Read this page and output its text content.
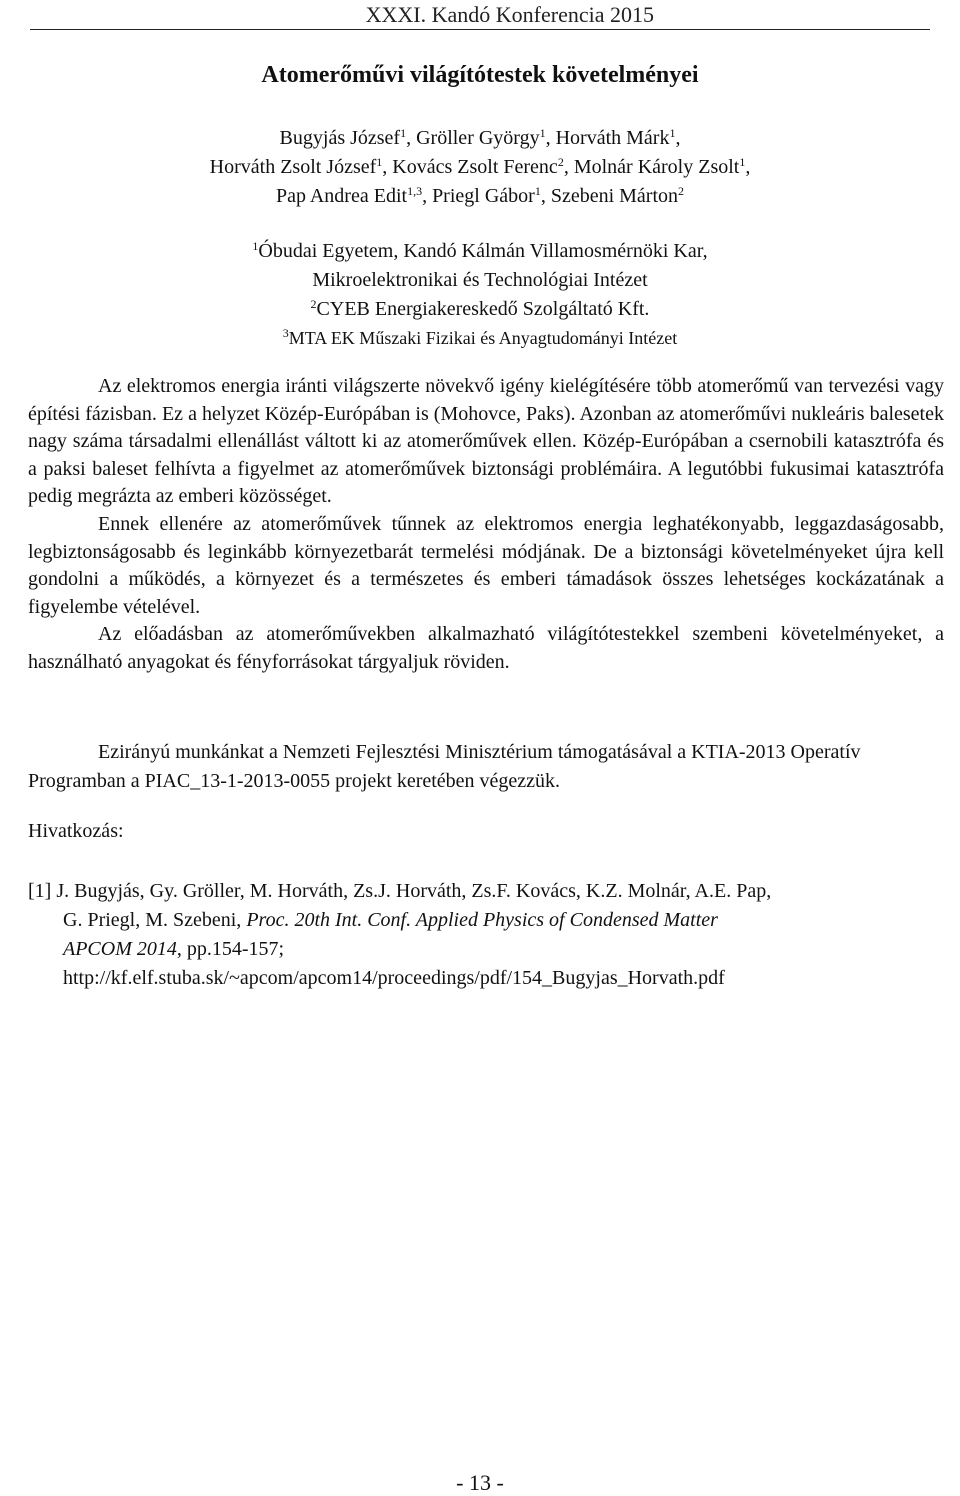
XXXI. Kandó Konferencia 2015
Atomerőművi világítótestek követelményei
Bugyjás József$^1$, Gröller György$^1$, Horváth Márk$^1$,
Horváth Zsolt József$^1$, Kovács Zsolt Ferenc$^2$, Molnár Károly Zsolt$^1$,
Pap Andrea Edit$^{1,3}$, Priegl Gábor$^1$, Szebeni Márton$^2$
$^1$Óbudai Egyetem, Kandó Kálmán Villamosmérnöki Kar,
Mikroelektronikai és Technológiai Intézet
$^2$CYEB Energiakereskedő Szolgáltató Kft.
$^3$MTA EK Műszaki Fizikai és Anyagtudományi Intézet

Az elektromos energia iránti világszerte növekvő igény kielégítésére több atomerőmű van tervezési vagy építési fázisban. Ez a helyzet Közép-Európában is (Mohovce, Paks). Azonban az atomerőművi nukleáris balesetek nagy száma társadalmi ellenállást váltott ki az atomerőművek ellen. Közép-Európában a csernobili katasztrófa és a paksi baleset felhívta a figyelmet az atomerőművek biztonsági problémáira. A legutóbbi fukusimai katasztrófa pedig megrázta az emberi közösséget.

Ennek ellenére az atomerőművek tűnnek az elektromos energia leghatékonyabb, leggazdaságosabb, legbiztonságosabb és leginkább környezetbarát termelési módjának. De a biztonsági követelményeket újra kell gondolni a működés, a környezet és a természetes és emberi támadások összes lehetséges kockázatának a figyelembe vételével.

Az előadásban az atomerőművekben alkalmazható világítótestekkel szembeni követelményeket, a használható anyagokat és fényforrásokat tárgyaljuk röviden.

Ezirányú munkánkat a Nemzeti Fejlesztési Minisztérium támogatásával a KTIA-2013 Operatív Programban a PIAC_13-1-2013-0055 projekt keretében végezzük.

Hivatkozás:
[1] J. Bugyjás, Gy. Gröller, M. Horváth, Zs.J. Horváth, Zs.F. Kovács, K.Z. Molnár, A.E. Pap,
G. Priegl, M. Szebeni, Proc. 20th Int. Conf. Applied Physics of Condensed Matter
APCOM 2014, pp.154-157;
http://kf.elf.stuba.sk/~apcom/apcom14/proceedings/pdf/154_Bugyjas_Horvath.pdf
- 13 -
